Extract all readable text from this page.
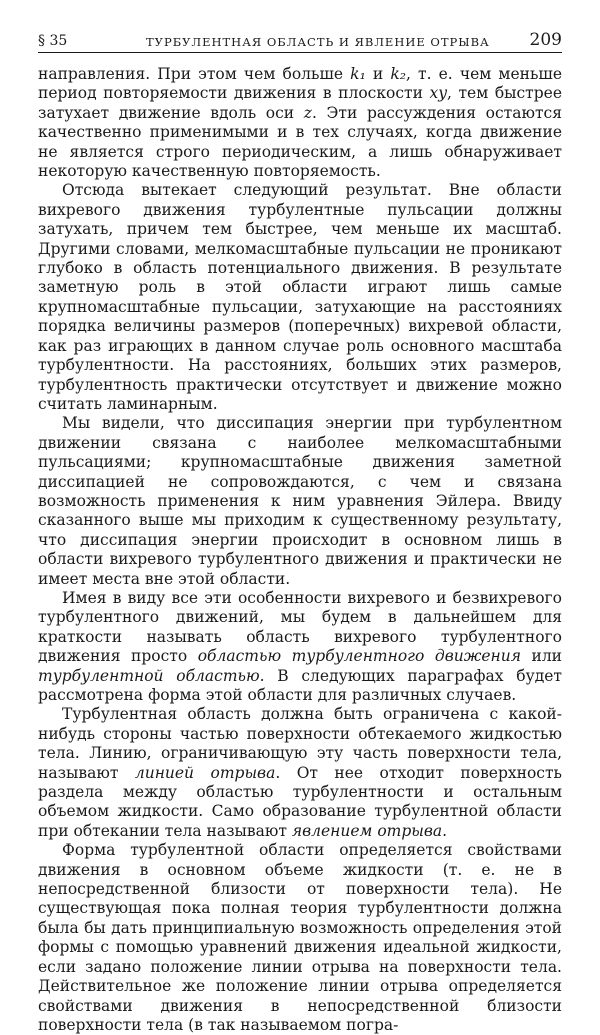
§ 35	ТУРБУЛЕНТНАЯ ОБЛАСТЬ И ЯВЛЕНИЕ ОТРЫВА 209

направления. При этом чем больше k₁ и k₂, т. е. чем меньше период повторяемости движения в плоскости xy, тем быстрее затухает движение вдоль оси z. Эти рассуждения остаются качественно применимыми и в тех случаях, когда движение не является строго периодическим, а лишь обнаруживает некоторую качественную повторяемость.

Отсюда вытекает следующий результат. Вне области вихревого движения турбулентные пульсации должны затухать, причем тем быстрее, чем меньше их масштаб. Другими словами, мелкомасштабные пульсации не проникают глубоко в область потенциального движения. В результате заметную роль в этой области играют лишь самые крупномасштабные пульсации, затухающие на расстояниях порядка величины размеров (поперечных) вихревой области, как раз играющих в данном случае роль основного масштаба турбулентности. На расстояниях, больших этих размеров, турбулентность практически отсутствует и движение можно считать ламинарным.

Мы видели, что диссипация энергии при турбулентном движении связана с наиболее мелкомасштабными пульсациями; крупномасштабные движения заметной диссипацией не сопровождаются, с чем и связана возможность применения к ним уравнения Эйлера. Ввиду сказанного выше мы приходим к существенному результату, что диссипация энергии происходит в основном лишь в области вихревого турбулентного движения и практически не имеет места вне этой области.

Имея в виду все эти особенности вихревого и безвихревого турбулентного движений, мы будем в дальнейшем для краткости называть область вихревого турбулентного движения просто областью турбулентного движения или турбулентной областью. В следующих параграфах будет рассмотрена форма этой области для различных случаев.

Турбулентная область должна быть ограничена с какой-нибудь стороны частью поверхности обтекаемого жидкостью тела. Линию, ограничивающую эту часть поверхности тела, называют линией отрыва. От нее отходит поверхность раздела между областью турбулентности и остальным объемом жидкости. Само образование турбулентной области при обтекании тела называют явлением отрыва.

Форма турбулентной области определяется свойствами движения в основном объеме жидкости (т. е. не в непосредственной близости от поверхности тела). Не существующая пока полная теория турбулентности должна была бы дать принципиальную возможность определения этой формы с помощью уравнений движения идеальной жидкости, если задано положение линии отрыва на поверхности тела. Действительное же положение линии отрыва определяется свойствами движения в непосредственной близости поверхности тела (в так называемом погра-
